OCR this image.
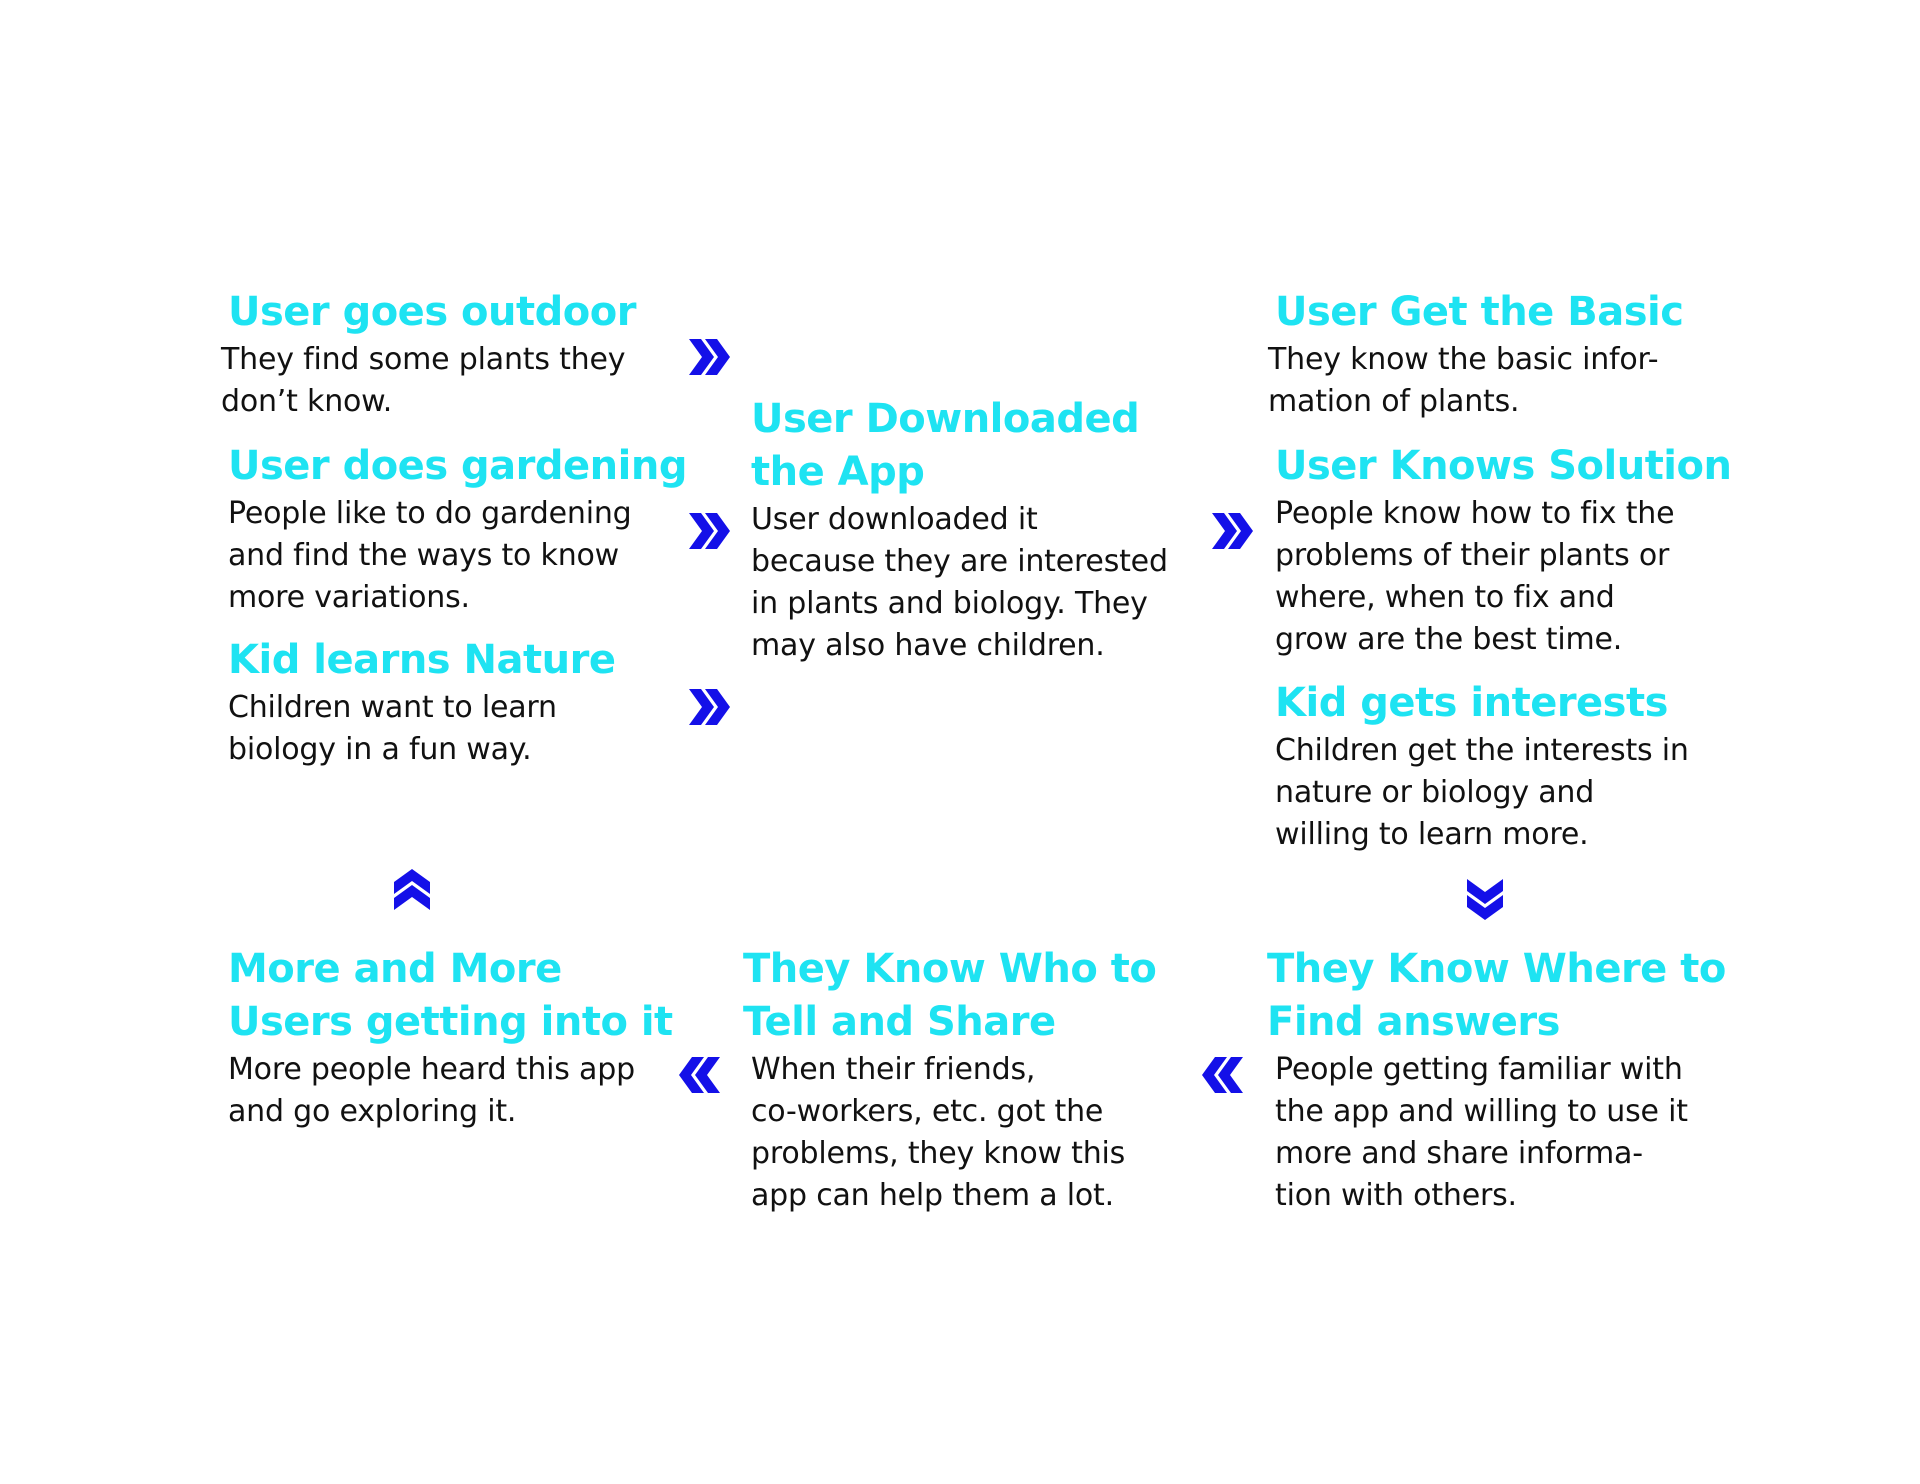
User goes outdoor
They find some plants they
don’t know.
User does gardening
People like to do gardening
and find the ways to know
more variations.
Kid learns Nature
Children want to learn
biology in a fun way.
User Downloaded
the App
User downloaded it
because they are interested
in plants and biology. They
may also have children.
User Get the Basic
They know the basic infor-
mation of plants.
User Knows Solution
People know how to fix the
problems of their plants or
where, when to fix and
grow are the best time.
Kid gets interests
Children get the interests in
nature or biology and
willing to learn more.
They Know Where to
Find answers
People getting familiar with
the app and willing to use it
more and share informa-
tion with others.
They Know Who to
Tell and Share
When their friends,
co-workers, etc. got the
problems, they know this
app can help them a lot.
More and More
Users getting into it
More people heard this app
and go exploring it.
